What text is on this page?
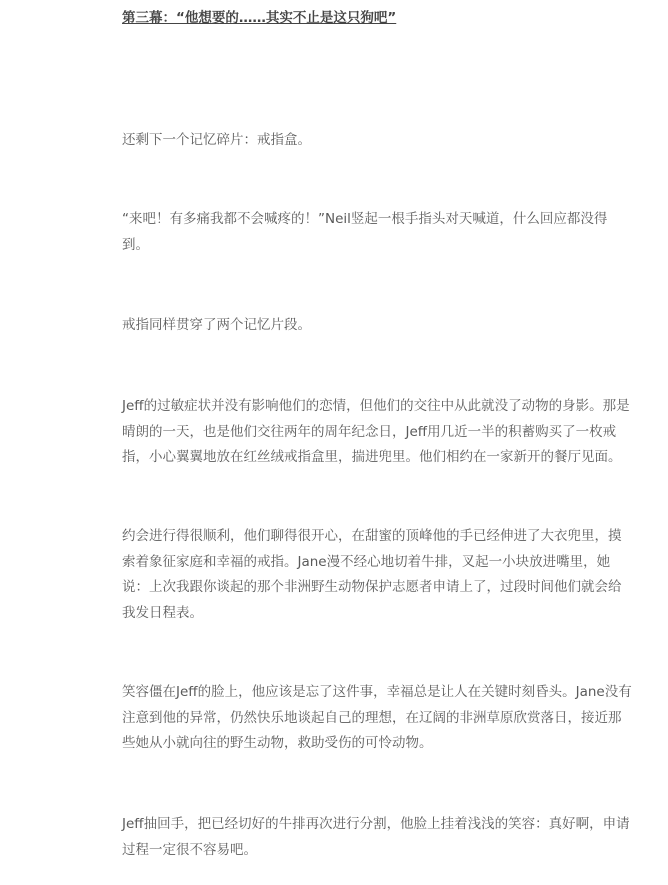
第三幕：“他想要的……其实不止是这只狗吧”

还剩下一个记忆碎片：戒指盒。

“来吧！有多痛我都不会喊疼的！”Neil竖起一根手指头对天喊道，什么回应都没得
到。

戒指同样贯穿了两个记忆片段。

Jeff的过敏症状并没有影响他们的恋情，但他们的交往中从此就没了动物的身影。那是
晴朗的一天，也是他们交往两年的周年纪念日，Jeff用几近一半的积蓄购买了一枚戒
指，小心翼翼地放在红丝绒戒指盒里，揣进兜里。他们相约在一家新开的餐厅见面。

约会进行得很顺利，他们聊得很开心，在甜蜜的顶峰他的手已经伸进了大衣兜里，摸
索着象征家庭和幸福的戒指。Jane漫不经心地切着牛排，叉起一小块放进嘴里，她
说：上次我跟你谈起的那个非洲野生动物保护志愿者申请上了，过段时间他们就会给
我发日程表。

笑容僵在Jeff的脸上，他应该是忘了这件事，幸福总是让人在关键时刻昏头。Jane没有
注意到他的异常，仍然快乐地谈起自己的理想，在辽阔的非洲草原欣赏落日，接近那
些她从小就向往的野生动物，救助受伤的可怜动物。

Jeff抽回手，把已经切好的牛排再次进行分割，他脸上挂着浅浅的笑容：真好啊，申请
过程一定很不容易吧。
